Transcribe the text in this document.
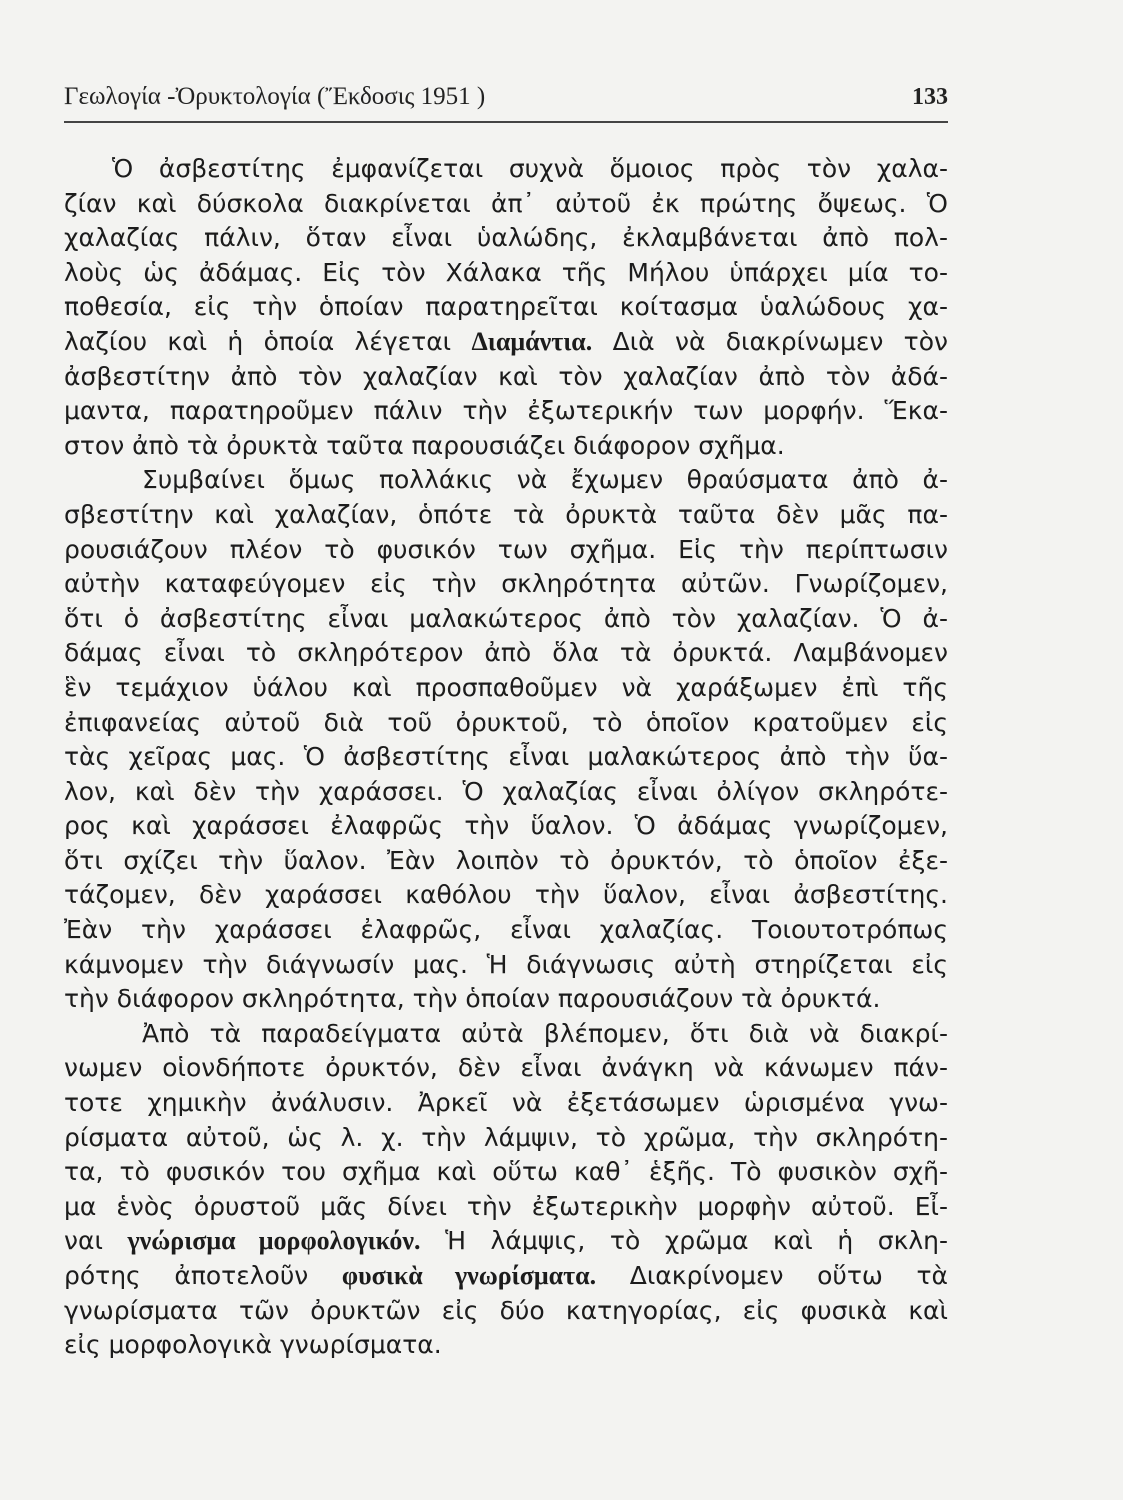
Γεωλογία -Ὀρυκτολογία (Ἔκδοσις 1951 )	133
Ὁ ἀσβεστίτης ἐμφανίζεται συχνὰ ὅμοιος πρὸς τὸν χαλα-
ζίαν καὶ δύσκολα διακρίνεται ἀπ᾿ αὐτοῦ ἐκ πρώτης ὄψεως. Ὁ
χαλαζίας πάλιν, ὅταν εἶναι ὑαλώδης, ἐκλαμβάνεται ἀπὸ πολ-
λοὺς ὡς ἀδάμας. Εἰς τὸν Χάλακα τῆς Μήλου ὑπάρχει μία το-
ποθεσία, εἰς τὴν ὁποίαν παρατηρεῖται κοίτασμα ὑαλώδους χα-
λαζίου καὶ ἡ ὁποία λέγεται Διαμάντια. Διὰ νὰ διακρίνωμεν τὸν
ἀσβεστίτην ἀπὸ τὸν χαλαζίαν καὶ τὸν χαλαζίαν ἀπὸ τὸν ἀδά-
μαντα, παρατηροῦμεν πάλιν τὴν ἐξωτερικήν των μορφήν. Ἕκα-
στον ἀπὸ τὰ ὀρυκτὰ ταῦτα παρουσιάζει διάφορον σχῆμα.
Συμβαίνει ὅμως πολλάκις νὰ ἔχωμεν θραύσματα ἀπὸ ἀ-
σβεστίτην καὶ χαλαζίαν, ὁπότε τὰ ὀρυκτὰ ταῦτα δὲν μᾶς πα-
ρουσιάζουν πλέον τὸ φυσικόν των σχῆμα. Εἰς τὴν περίπτωσιν
αὐτὴν καταφεύγομεν εἰς τὴν σκληρότητα αὐτῶν. Γνωρίζομεν,
ὅτι ὁ ἀσβεστίτης εἶναι μαλακώτερος ἀπὸ τὸν χαλαζίαν. Ὁ ἀ-
δάμας εἶναι τὸ σκληρότερον ἀπὸ ὅλα τὰ ὀρυκτά. Λαμβάνομεν
ἓν τεμάχιον ὑάλου καὶ προσπαθοῦμεν νὰ χαράξωμεν ἐπὶ τῆς
ἐπιφανείας αὐτοῦ διὰ τοῦ ὀρυκτοῦ, τὸ ὁποῖον κρατοῦμεν εἰς
τὰς χεῖρας μας. Ὁ ἀσβεστίτης εἶναι μαλακώτερος ἀπὸ τὴν ὕα-
λον, καὶ δὲν τὴν χαράσσει. Ὁ χαλαζίας εἶναι ὀλίγον σκληρότε-
ρος καὶ χαράσσει ἐλαφρῶς τὴν ὕαλον. Ὁ ἀδάμας γνωρίζομεν,
ὅτι σχίζει τὴν ὕαλον. Ἐὰν λοιπὸν τὸ ὀρυκτόν, τὸ ὁποῖον ἐξε-
τάζομεν, δὲν χαράσσει καθόλου τὴν ὕαλον, εἶναι ἀσβεστίτης.
Ἐὰν τὴν χαράσσει ἐλαφρῶς, εἶναι χαλαζίας. Τοιουτοτρόπως
κάμνομεν τὴν διάγνωσίν μας. Ἡ διάγνωσις αὐτὴ στηρίζεται εἰς
τὴν διάφορον σκληρότητα, τὴν ὁποίαν παρουσιάζουν τὰ ὀρυκτά.
Ἀπὸ τὰ παραδείγματα αὐτὰ βλέπομεν, ὅτι διὰ νὰ διακρί-
νωμεν οἱονδήποτε ὀρυκτόν, δὲν εἶναι ἀνάγκη νὰ κάνωμεν πάν-
τοτε χημικὴν ἀνάλυσιν. Ἀρκεῖ νὰ ἐξετάσωμεν ὡρισμένα γνω-
ρίσματα αὐτοῦ, ὡς λ. χ. τὴν λάμψιν, τὸ χρῶμα, τὴν σκληρότη-
τα, τὸ φυσικόν του σχῆμα καὶ οὕτω καθ᾿ ἑξῆς. Τὸ φυσικὸν σχῆ-
μα ἑνὸς ὀρυστοῦ μᾶς δίνει τὴν ἐξωτερικὴν μορφὴν αὐτοῦ. Εἶ-
ναι γνώρισμα μορφολογικόν. Ἡ λάμψις, τὸ χρῶμα καὶ ἡ σκλη-
ρότης ἀποτελοῦν φυσικὰ γνωρίσματα. Διακρίνομεν οὕτω τὰ
γνωρίσματα τῶν ὀρυκτῶν εἰς δύο κατηγορίας, εἰς φυσικὰ καὶ
εἰς μορφολογικὰ γνωρίσματα.
